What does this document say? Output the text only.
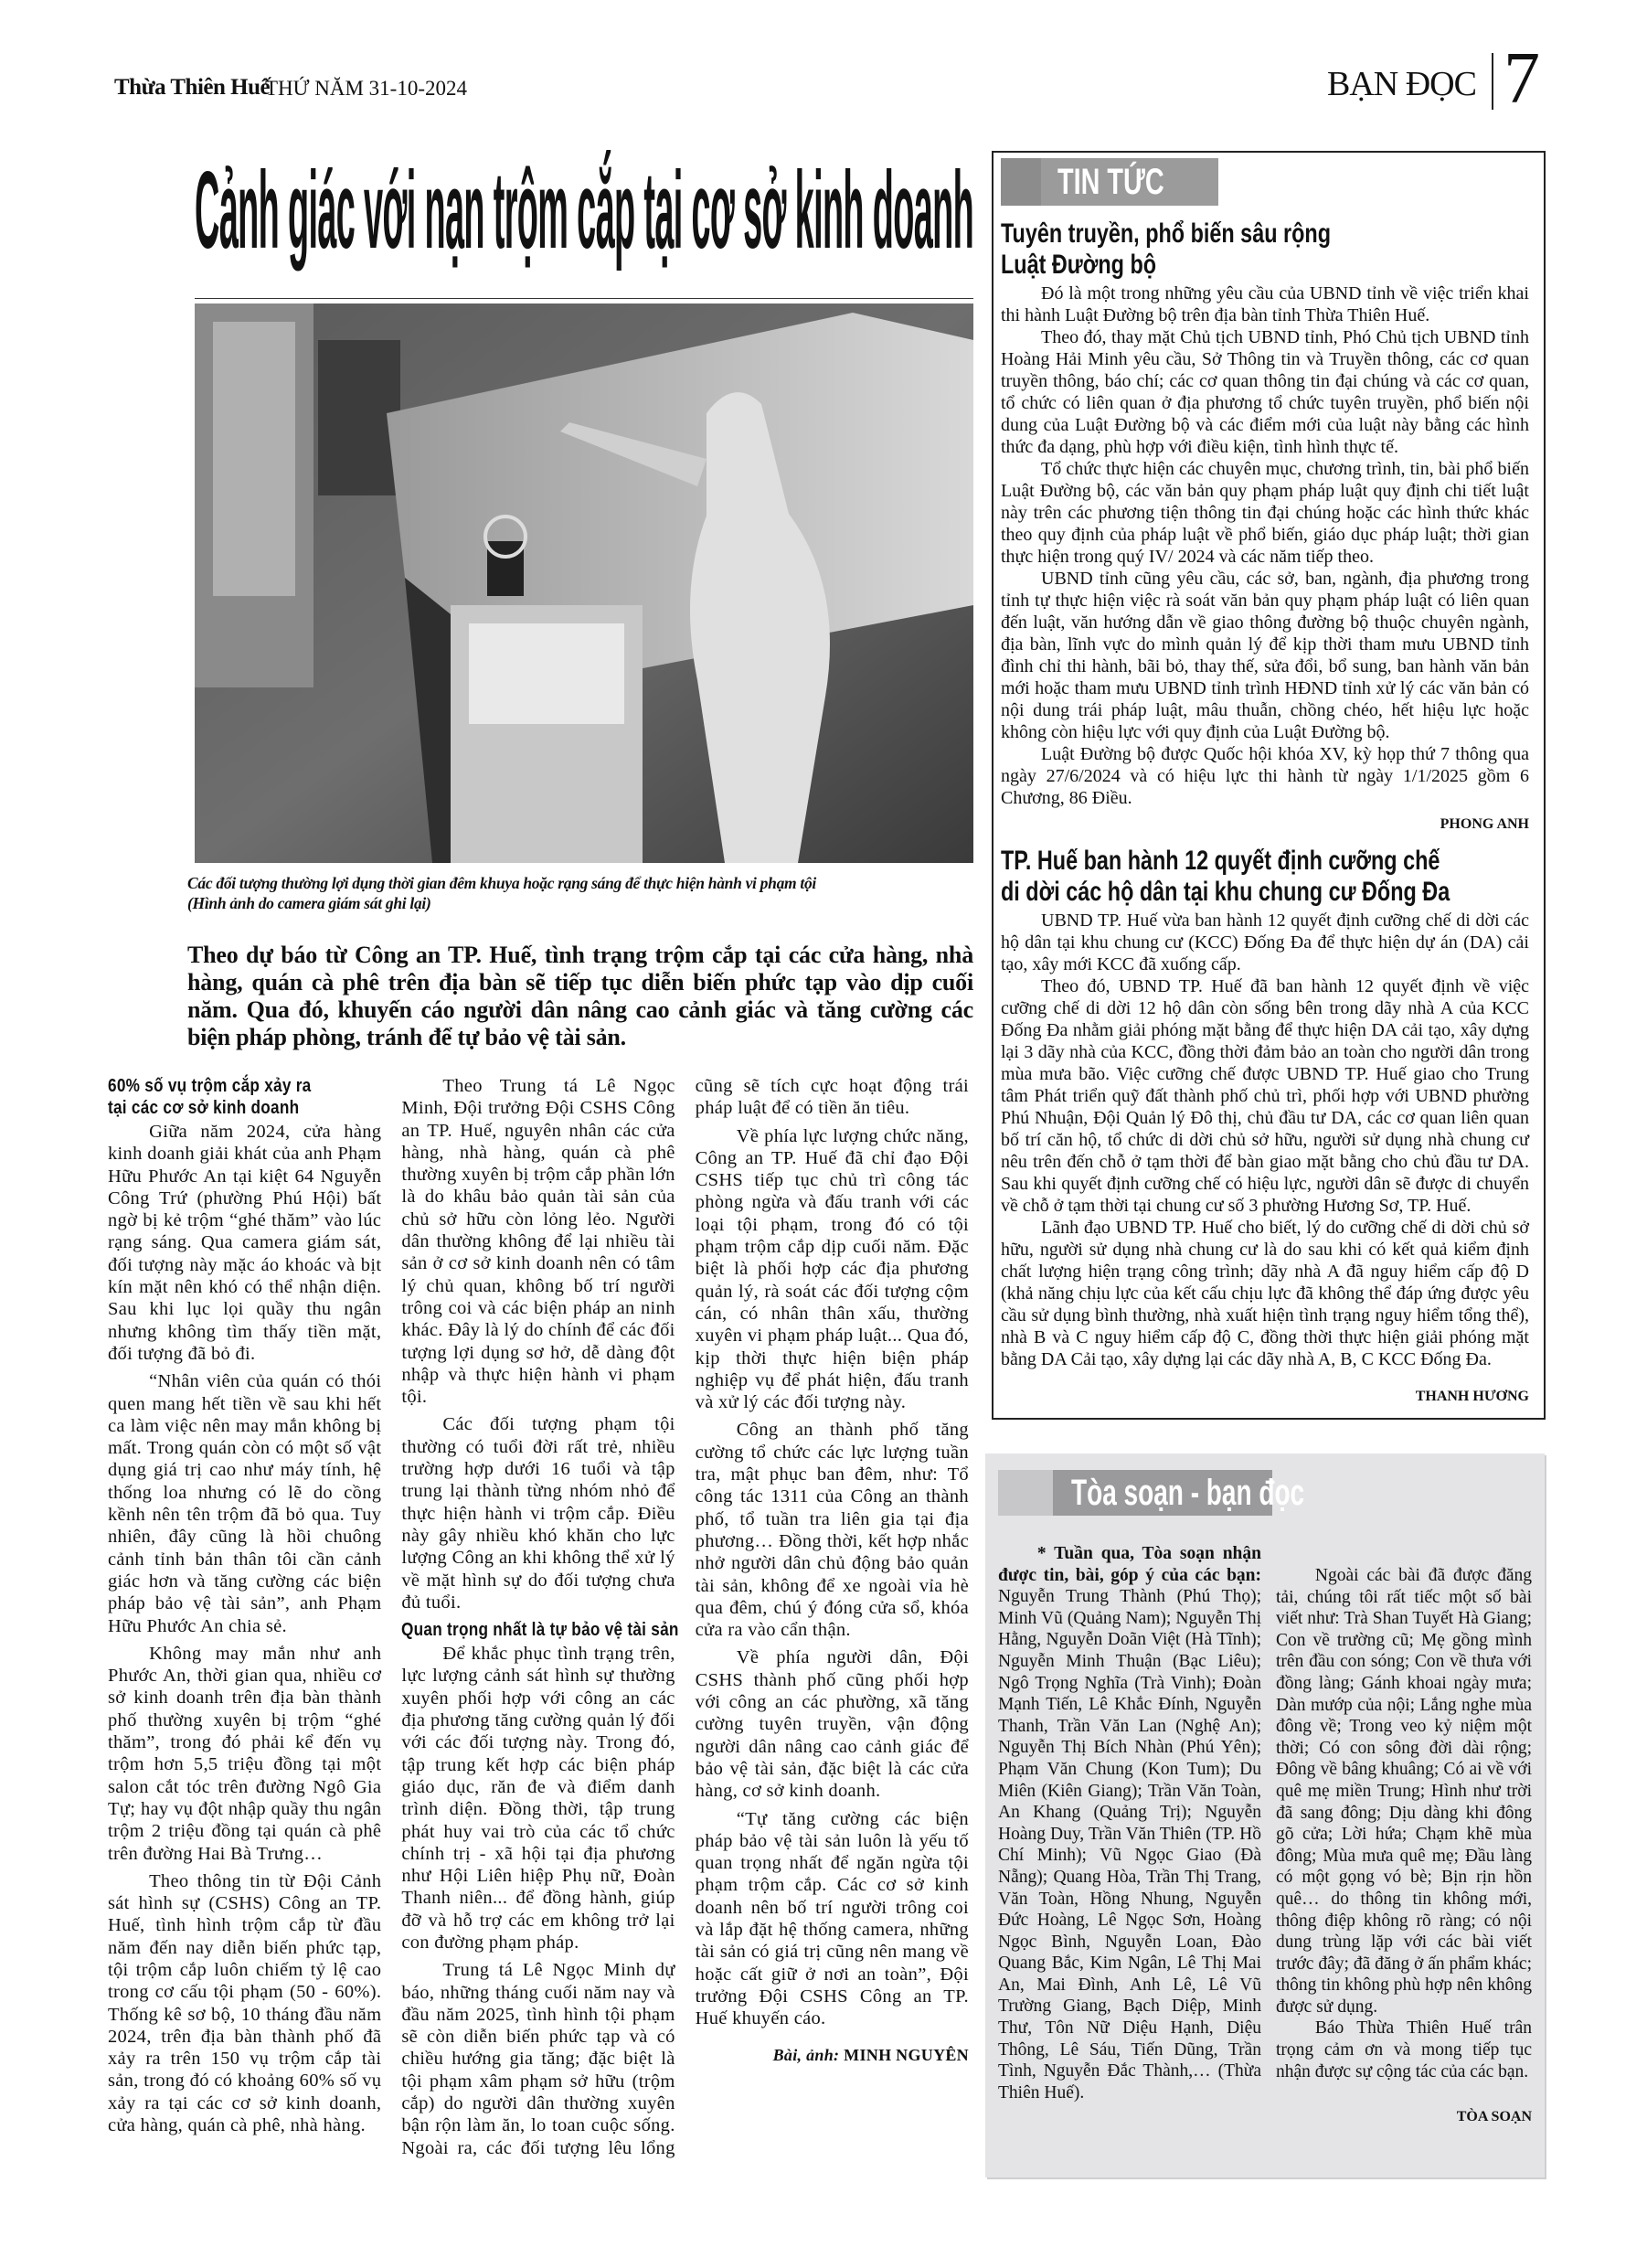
Thừa Thiên Huế
THỨ NĂM 31-10-2024	BẠN ĐỌC 7
Cảnh giác với nạn trộm cắp tại cơ sở kinh doanh
Các đối tượng thường lợi dụng thời gian đêm khuya hoặc rạng sáng để thực hiện hành vi phạm tội
(Hình ảnh do camera giám sát ghi lại)
Theo dự báo từ Công an TP. Huế, tình trạng trộm cắp tại các cửa hàng, nhà hàng, quán cà phê trên địa bàn sẽ tiếp tục diễn biến phức tạp vào dịp cuối năm. Qua đó, khuyến cáo người dân nâng cao cảnh giác và tăng cường các biện pháp phòng, tránh để tự bảo vệ tài sản.
60% số vụ trộm cắp xảy ra
tại các cơ sở kinh doanh

Giữa năm 2024, cửa hàng kinh doanh giải khát của anh Phạm Hữu Phước An tại kiệt 64 Nguyễn Công Trứ (phường Phú Hội) bất ngờ bị kẻ trộm “ghé thăm” vào lúc rạng sáng. Qua camera giám sát, đối tượng này mặc áo khoác và bịt kín mặt nên khó có thể nhận diện. Sau khi lục lọi quầy thu ngân nhưng không tìm thấy tiền mặt, đối tượng đã bỏ đi.

“Nhân viên của quán có thói quen mang hết tiền về sau khi hết ca làm việc nên may mắn không bị mất. Trong quán còn có một số vật dụng giá trị cao như máy tính, hệ thống loa nhưng có lẽ do cồng kềnh nên tên trộm đã bỏ qua. Tuy nhiên, đây cũng là hồi chuông cảnh tỉnh bản thân tôi cần cảnh giác hơn và tăng cường các biện pháp bảo vệ tài sản”, anh Phạm Hữu Phước An chia sẻ.

Không may mắn như anh Phước An, thời gian qua, nhiều cơ sở kinh doanh trên địa bàn thành phố thường xuyên bị trộm “ghé thăm”, trong đó phải kể đến vụ trộm hơn 5,5 triệu đồng tại một salon cắt tóc trên đường Ngô Gia Tự; hay vụ đột nhập quầy thu ngân trộm 2 triệu đồng tại quán cà phê trên đường Hai Bà Trưng…

Theo thông tin từ Đội Cảnh sát hình sự (CSHS) Công an TP. Huế, tình hình trộm cắp từ đầu năm đến nay diễn biến phức tạp, tội trộm cắp luôn chiếm tỷ lệ cao trong cơ cấu tội phạm (50 - 60%). Thống kê sơ bộ, 10 tháng đầu năm 2024, trên địa bàn thành phố đã xảy ra trên 150 vụ trộm cắp tài sản, trong đó có khoảng 60% số vụ xảy ra tại các cơ sở kinh doanh, cửa hàng, quán cà phê, nhà hàng.

Theo Trung tá Lê Ngọc Minh, Đội trưởng Đội CSHS Công an TP. Huế, nguyên nhân các cửa hàng, nhà hàng, quán cà phê thường xuyên bị trộm cắp phần lớn là do khâu bảo quản tài sản của chủ sở hữu còn lỏng lẻo. Người dân thường không để lại nhiều tài sản ở cơ sở kinh doanh nên có tâm lý chủ quan, không bố trí người trông coi và các biện pháp an ninh khác. Đây là lý do chính để các đối tượng lợi dụng sơ hở, dễ dàng đột nhập và thực hiện hành vi phạm tội.

Các đối tượng phạm tội thường có tuổi đời rất trẻ, nhiều trường hợp dưới 16 tuổi và tập trung lại thành từng nhóm nhỏ để thực hiện hành vi trộm cắp. Điều này gây nhiều khó khăn cho lực lượng Công an khi không thể xử lý về mặt hình sự do đối tượng chưa đủ tuổi.

Quan trọng nhất là tự bảo vệ tài sản

Để khắc phục tình trạng trên, lực lượng cảnh sát hình sự thường xuyên phối hợp với công an các địa phương tăng cường quản lý đối với các đối tượng này. Trong đó, tập trung kết hợp các biện pháp giáo dục, răn đe và điểm danh trình diện. Đồng thời, tập trung phát huy vai trò của các tổ chức chính trị - xã hội tại địa phương như Hội Liên hiệp Phụ nữ, Đoàn Thanh niên... để đồng hành, giúp đỡ và hỗ trợ các em không trở lại con đường phạm pháp.

Trung tá Lê Ngọc Minh dự báo, những tháng cuối năm nay và đầu năm 2025, tình hình tội phạm sẽ còn diễn biến phức tạp và có chiều hướng gia tăng; đặc biệt là tội phạm xâm phạm sở hữu (trộm cắp) do người dân thường xuyên bận rộn làm ăn, lo toan cuộc sống. Ngoài ra, các đối tượng lêu lổng cũng sẽ tích cực hoạt động trái pháp luật để có tiền ăn tiêu.

Về phía lực lượng chức năng, Công an TP. Huế đã chỉ đạo Đội CSHS tiếp tục chủ trì công tác phòng ngừa và đấu tranh với các loại tội phạm, trong đó có tội phạm trộm cắp dịp cuối năm. Đặc biệt là phối hợp các địa phương quản lý, rà soát các đối tượng cộm cán, có nhân thân xấu, thường xuyên vi phạm pháp luật... Qua đó, kịp thời thực hiện biện pháp nghiệp vụ để phát hiện, đấu tranh và xử lý các đối tượng này.

Công an thành phố tăng cường tổ chức các lực lượng tuần tra, mật phục ban đêm, như: Tổ công tác 1311 của Công an thành phố, tổ tuần tra liên gia tại địa phương… Đồng thời, kết hợp nhắc nhở người dân chủ động bảo quản tài sản, không để xe ngoài vỉa hè qua đêm, chú ý đóng cửa sổ, khóa cửa ra vào cẩn thận.

Về phía người dân, Đội CSHS thành phố cũng phối hợp với công an các phường, xã tăng cường tuyên truyền, vận động người dân nâng cao cảnh giác để bảo vệ tài sản, đặc biệt là các cửa hàng, cơ sở kinh doanh.

“Tự tăng cường các biện pháp bảo vệ tài sản luôn là yếu tố quan trọng nhất để ngăn ngừa tội phạm trộm cắp. Các cơ sở kinh doanh nên bố trí người trông coi và lắp đặt hệ thống camera, những tài sản có giá trị cũng nên mang về hoặc cất giữ ở nơi an toàn”, Đội trưởng Đội CSHS Công an TP. Huế khuyến cáo.

Bài, ảnh: MINH NGUYÊN
TIN TỨC
Tuyên truyền, phổ biến sâu rộng
Luật Đường bộ

Đó là một trong những yêu cầu của UBND tỉnh về việc triển khai thi hành Luật Đường bộ trên địa bàn tỉnh Thừa Thiên Huế.

Theo đó, thay mặt Chủ tịch UBND tỉnh, Phó Chủ tịch UBND tỉnh Hoàng Hải Minh yêu cầu, Sở Thông tin và Truyền thông, các cơ quan truyền thông, báo chí; các cơ quan thông tin đại chúng và các cơ quan, tổ chức có liên quan ở địa phương tổ chức tuyên truyền, phổ biến nội dung của Luật Đường bộ và các điểm mới của luật này bằng các hình thức đa dạng, phù hợp với điều kiện, tình hình thực tế.

Tổ chức thực hiện các chuyên mục, chương trình, tin, bài phổ biến Luật Đường bộ, các văn bản quy phạm pháp luật quy định chi tiết luật này trên các phương tiện thông tin đại chúng hoặc các hình thức khác theo quy định của pháp luật về phổ biến, giáo dục pháp luật; thời gian thực hiện trong quý IV/ 2024 và các năm tiếp theo.

UBND tỉnh cũng yêu cầu, các sở, ban, ngành, địa phương trong tỉnh tự thực hiện việc rà soát văn bản quy phạm pháp luật có liên quan đến luật, văn hướng dẫn về giao thông đường bộ thuộc chuyên ngành, địa bàn, lĩnh vực do mình quản lý để kịp thời tham mưu UBND tỉnh đình chỉ thi hành, bãi bỏ, thay thế, sửa đổi, bổ sung, ban hành văn bản mới hoặc tham mưu UBND tỉnh trình HĐND tỉnh xử lý các văn bản có nội dung trái pháp luật, mâu thuẫn, chồng chéo, hết hiệu lực hoặc không còn hiệu lực với quy định của Luật Đường bộ.

Luật Đường bộ được Quốc hội khóa XV, kỳ họp thứ 7 thông qua ngày 27/6/2024 và có hiệu lực thi hành từ ngày 1/1/2025 gồm 6 Chương, 86 Điều.

PHONG ANH
TP. Huế ban hành 12 quyết định cưỡng chế
di dời các hộ dân tại khu chung cư Đống Đa

UBND TP. Huế vừa ban hành 12 quyết định cưỡng chế di dời các hộ dân tại khu chung cư (KCC) Đống Đa để thực hiện dự án (DA) cải tạo, xây mới KCC đã xuống cấp.

Theo đó, UBND TP. Huế đã ban hành 12 quyết định về việc cưỡng chế di dời 12 hộ dân còn sống bên trong dãy nhà A của KCC Đống Đa nhằm giải phóng mặt bằng để thực hiện DA cải tạo, xây dựng lại 3 dãy nhà của KCC, đồng thời đảm bảo an toàn cho người dân trong mùa mưa bão. Việc cưỡng chế được UBND TP. Huế giao cho Trung tâm Phát triển quỹ đất thành phố chủ trì, phối hợp với UBND phường Phú Nhuận, Đội Quản lý Đô thị, chủ đầu tư DA, các cơ quan liên quan bố trí căn hộ, tổ chức di dời chủ sở hữu, người sử dụng nhà chung cư nêu trên đến chỗ ở tạm thời để bàn giao mặt bằng cho chủ đầu tư DA. Sau khi quyết định cưỡng chế có hiệu lực, người dân sẽ được di chuyển về chỗ ở tạm thời tại chung cư số 3 phường Hương Sơ, TP. Huế.

Lãnh đạo UBND TP. Huế cho biết, lý do cưỡng chế di dời chủ sở hữu, người sử dụng nhà chung cư là do sau khi có kết quả kiểm định chất lượng hiện trạng công trình; dãy nhà A đã nguy hiểm cấp độ D (khả năng chịu lực của kết cấu chịu lực đã không thể đáp ứng được yêu cầu sử dụng bình thường, nhà xuất hiện tình trạng nguy hiểm tổng thể), nhà B và C nguy hiểm cấp độ C, đồng thời thực hiện giải phóng mặt bằng DA Cải tạo, xây dựng lại các dãy nhà A, B, C KCC Đống Đa.

THANH HƯƠNG
Tòa soạn - bạn đọc

* Tuần qua, Tòa soạn nhận được tin, bài, góp ý của các bạn: Nguyễn Trung Thành (Phú Thọ); Minh Vũ (Quảng Nam); Nguyễn Thị Hằng, Nguyễn Doãn Việt (Hà Tĩnh); Nguyễn Minh Thuận (Bạc Liêu); Ngô Trọng Nghĩa (Trà Vinh); Đoàn Mạnh Tiến, Lê Khắc Đính, Nguyễn Thanh, Trần Văn Lan (Nghệ An); Nguyễn Thị Bích Nhàn (Phú Yên); Phạm Văn Chung (Kon Tum); Du Miên (Kiên Giang); Trần Văn Toàn, An Khang (Quảng Trị); Nguyễn Hoàng Duy, Trần Văn Thiên (TP. Hồ Chí Minh); Vũ Ngọc Giao (Đà Nẵng); Quang Hòa, Trần Thị Trang, Văn Toàn, Hồng Nhung, Nguyễn Đức Hoàng, Lê Ngọc Sơn, Hoàng Ngọc Bình, Nguyễn Loan, Đào Quang Bắc, Kim Ngân, Lê Thị Mai An, Mai Đình, Anh Lê, Lê Vũ Trường Giang, Bạch Diệp, Minh Thư, Tôn Nữ Diệu Hạnh, Diệu Thông, Lê Sáu, Tiến Dũng, Trần Tình, Nguyễn Đắc Thành,… (Thừa Thiên Huế).

Ngoài các bài đã được đăng tải, chúng tôi rất tiếc một số bài viết như: Trà Shan Tuyết Hà Giang; Con về trường cũ; Mẹ gồng mình trên đầu con sóng; Con về thưa với đồng làng; Gánh khoai ngày mưa; Dàn mướp của nội; Lắng nghe mùa đông về; Trong veo kỷ niệm một thời; Có con sông đời dài rộng; Đông về bâng khuâng; Có ai về với quê mẹ miền Trung; Hình như trời đã sang đông; Dịu dàng khi đông gõ cửa; Lời hứa; Chạm khẽ mùa đông; Mùa mưa quê mẹ; Đầu làng có một gọng vó bè; Bịn rịn hồn quê… do thông tin không mới, thông điệp không rõ ràng; có nội dung trùng lặp với các bài viết trước đây; đã đăng ở ấn phẩm khác; thông tin không phù hợp nên không được sử dụng.

Báo Thừa Thiên Huế trân trọng cảm ơn và mong tiếp tục nhận được sự cộng tác của các bạn.

TÒA SOẠN
